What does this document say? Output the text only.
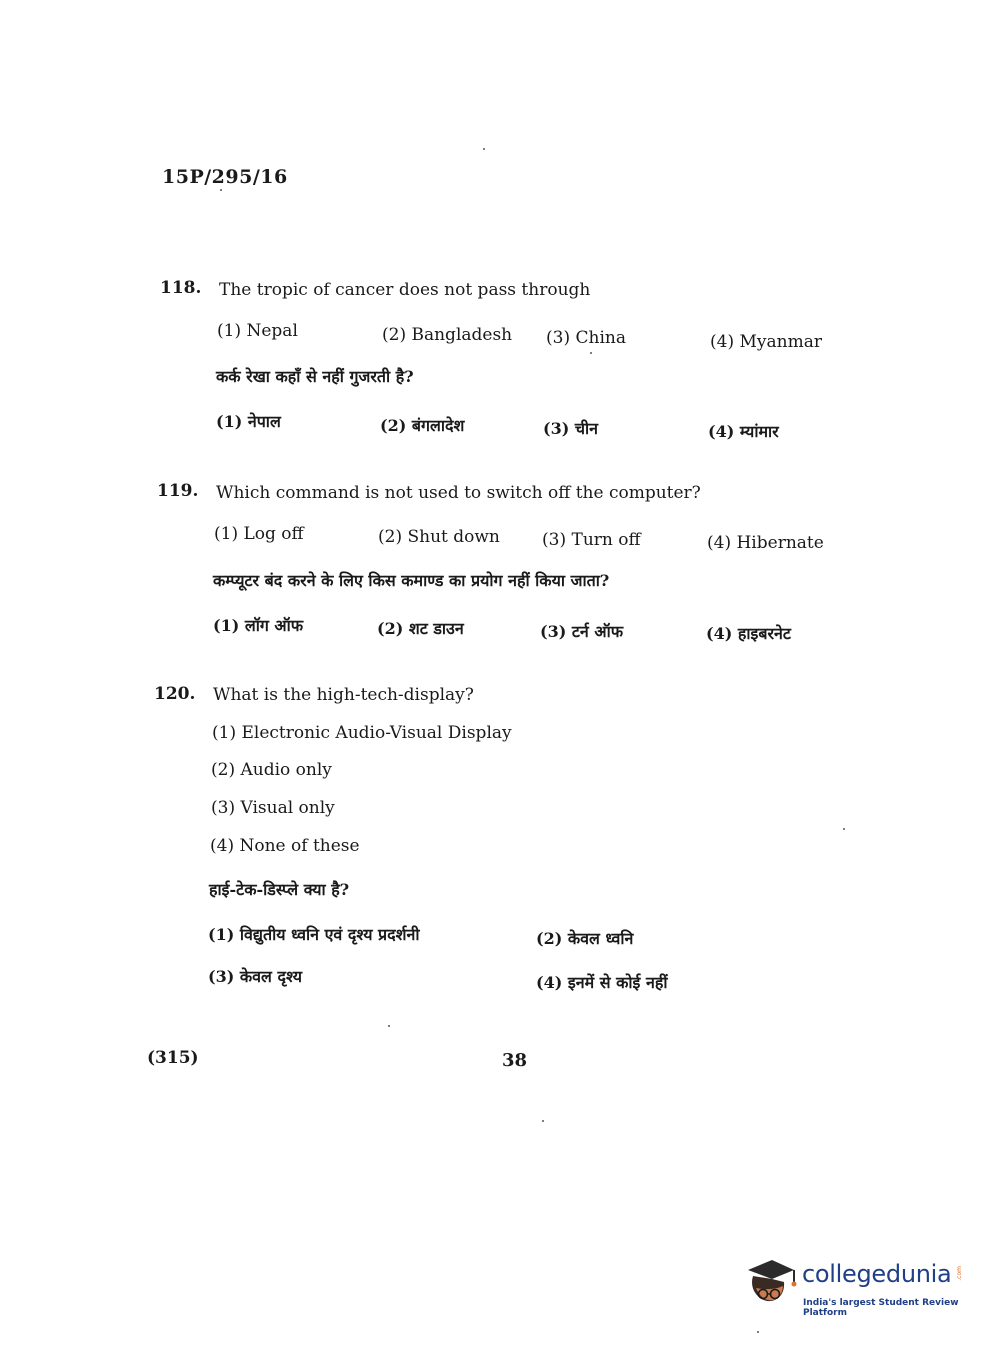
15P/295/16
118. The tropic of cancer does not pass through
(1) Nepal	(2) Bangladesh (3) China	(4) Myanmar
कर्क रेखा कहाँ से नहीं गुजरती है?
(1) नेपाल	(2) बंगलादेश	(3) चीन	(4) म्यांमार
119. Which command is not used to switch off the computer?
(1) Log off	(2) Shut down (3) Turn off	(4) Hibernate
कम्प्यूटर बंद करने के लिए किस कमाण्ड का प्रयोग नहीं किया जाता?
(1) लॉग ऑफ	(2) शट डाउन	(3) टर्न ऑफ	(4) हाइबरनेट
120. What is the high-tech-display?
(1) Electronic Audio-Visual Display
(2) Audio only
(3) Visual only
(4) None of these
हाई-टेक-डिस्प्ले क्या है?
(1) विद्युतीय ध्वनि एवं दृश्य प्रदर्शनी	(2) केवल ध्वनि
(3) केवल दृश्य	(4) इनमें से कोई नहीं
(315)	38
collegedunia .com
India's largest Student Review Platform
